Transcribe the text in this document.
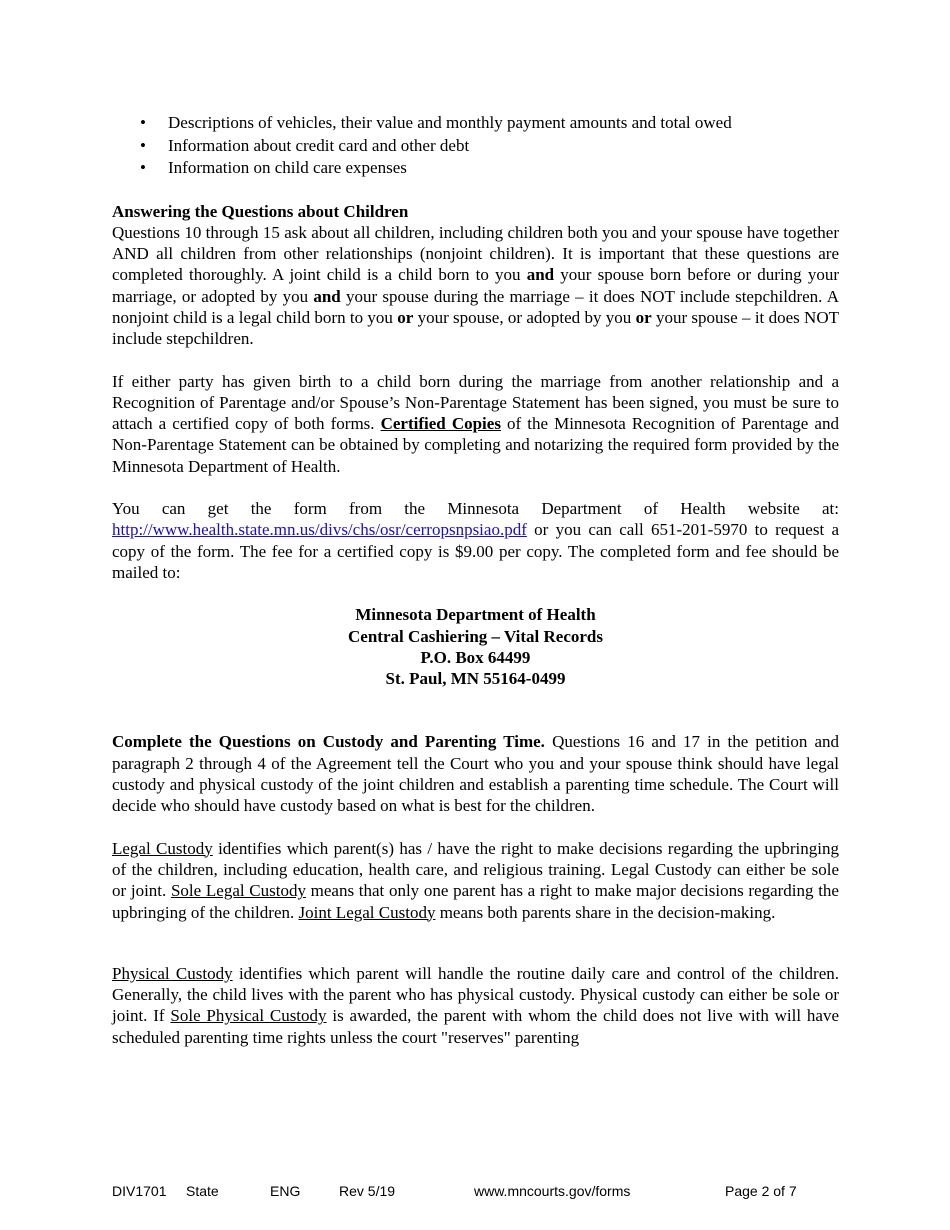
• Descriptions of vehicles, their value and monthly payment amounts and total owed
• Information about credit card and other debt
• Information on child care expenses
Answering the Questions about Children

Questions 10 through 15 ask about all children, including children both you and your spouse have together AND all children from other relationships (nonjoint children). It is important that these questions are completed thoroughly. A joint child is a child born to you and your spouse born before or during your marriage, or adopted by you and your spouse during the marriage – it does NOT include stepchildren. A nonjoint child is a legal child born to you or your spouse, or adopted by you or your spouse – it does NOT include stepchildren.

If either party has given birth to a child born during the marriage from another relationship and a Recognition of Parentage and/or Spouse’s Non-Parentage Statement has been signed, you must be sure to attach a certified copy of both forms. Certified Copies of the Minnesota Recognition of Parentage and Non-Parentage Statement can be obtained by completing and notarizing the required form provided by the Minnesota Department of Health.

You can get the form from the Minnesota Department of Health website at: http://www.health.state.mn.us/divs/chs/osr/cerropsnpsiao.pdf or you can call 651-201-5970 to request a copy of the form. The fee for a certified copy is $9.00 per copy. The completed form and fee should be mailed to:

Minnesota Department of Health
Central Cashiering – Vital Records
P.O. Box 64499
St. Paul, MN 55164-0499

Complete the Questions on Custody and Parenting Time. Questions 16 and 17 in the petition and paragraph 2 through 4 of the Agreement tell the Court who you and your spouse think should have legal custody and physical custody of the joint children and establish a parenting time schedule. The Court will decide who should have custody based on what is best for the children.

Legal Custody identifies which parent(s) has / have the right to make decisions regarding the upbringing of the children, including education, health care, and religious training. Legal Custody can either be sole or joint. Sole Legal Custody means that only one parent has a right to make major decisions regarding the upbringing of the children. Joint Legal Custody means both parents share in the decision-making.

Physical Custody identifies which parent will handle the routine daily care and control of the children. Generally, the child lives with the parent who has physical custody. Physical custody can either be sole or joint. If Sole Physical Custody is awarded, the parent with whom the child does not live with will have scheduled parenting time rights unless the court "reserves" parenting

DIV1701 State	ENG	Rev 5/19	www.mncourts.gov/forms	Page 2 of 7
